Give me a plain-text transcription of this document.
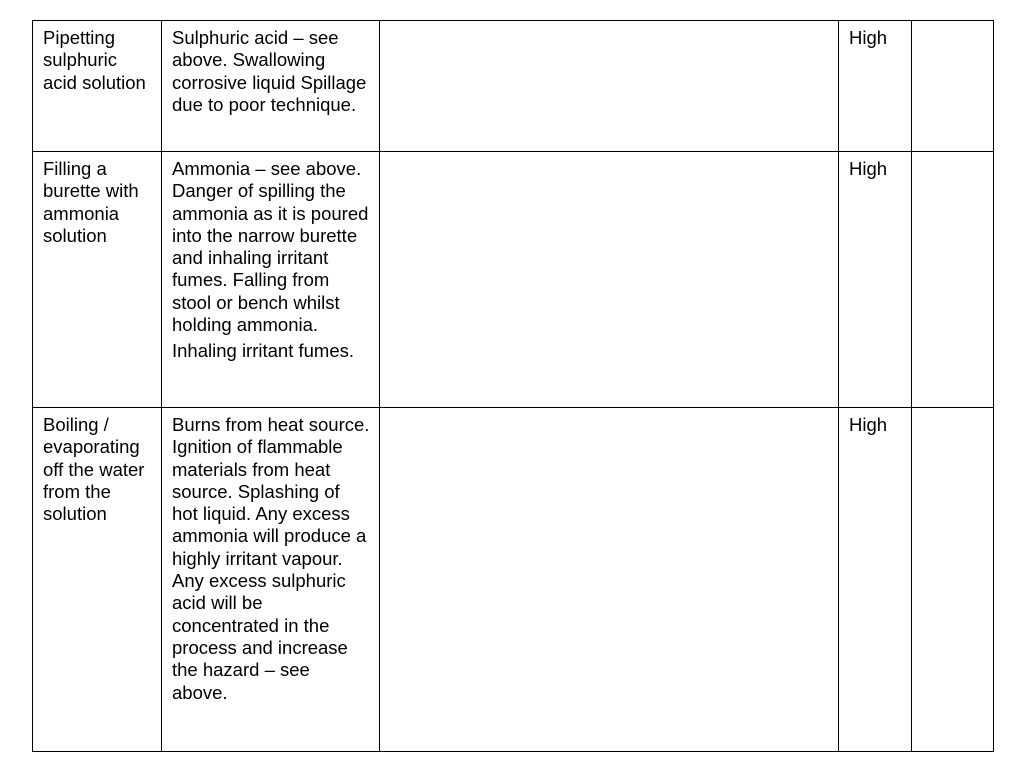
Pipetting sulphuric acid solution	Sulphuric acid – see above. Swallowing corrosive liquid Spillage due to poor technique.		High	

Filling a burette with ammonia solution	Ammonia – see above. Danger of spilling the ammonia as it is poured into the narrow burette and inhaling irritant fumes. Falling from stool or bench whilst holding ammonia.
Inhaling irritant fumes.		High	

Boiling / evaporating off the water from the solution	Burns from heat source. Ignition of flammable materials from heat source. Splashing of hot liquid. Any excess ammonia will produce a highly irritant vapour. Any excess sulphuric acid will be concentrated in the process and increase the hazard – see above.		High	
